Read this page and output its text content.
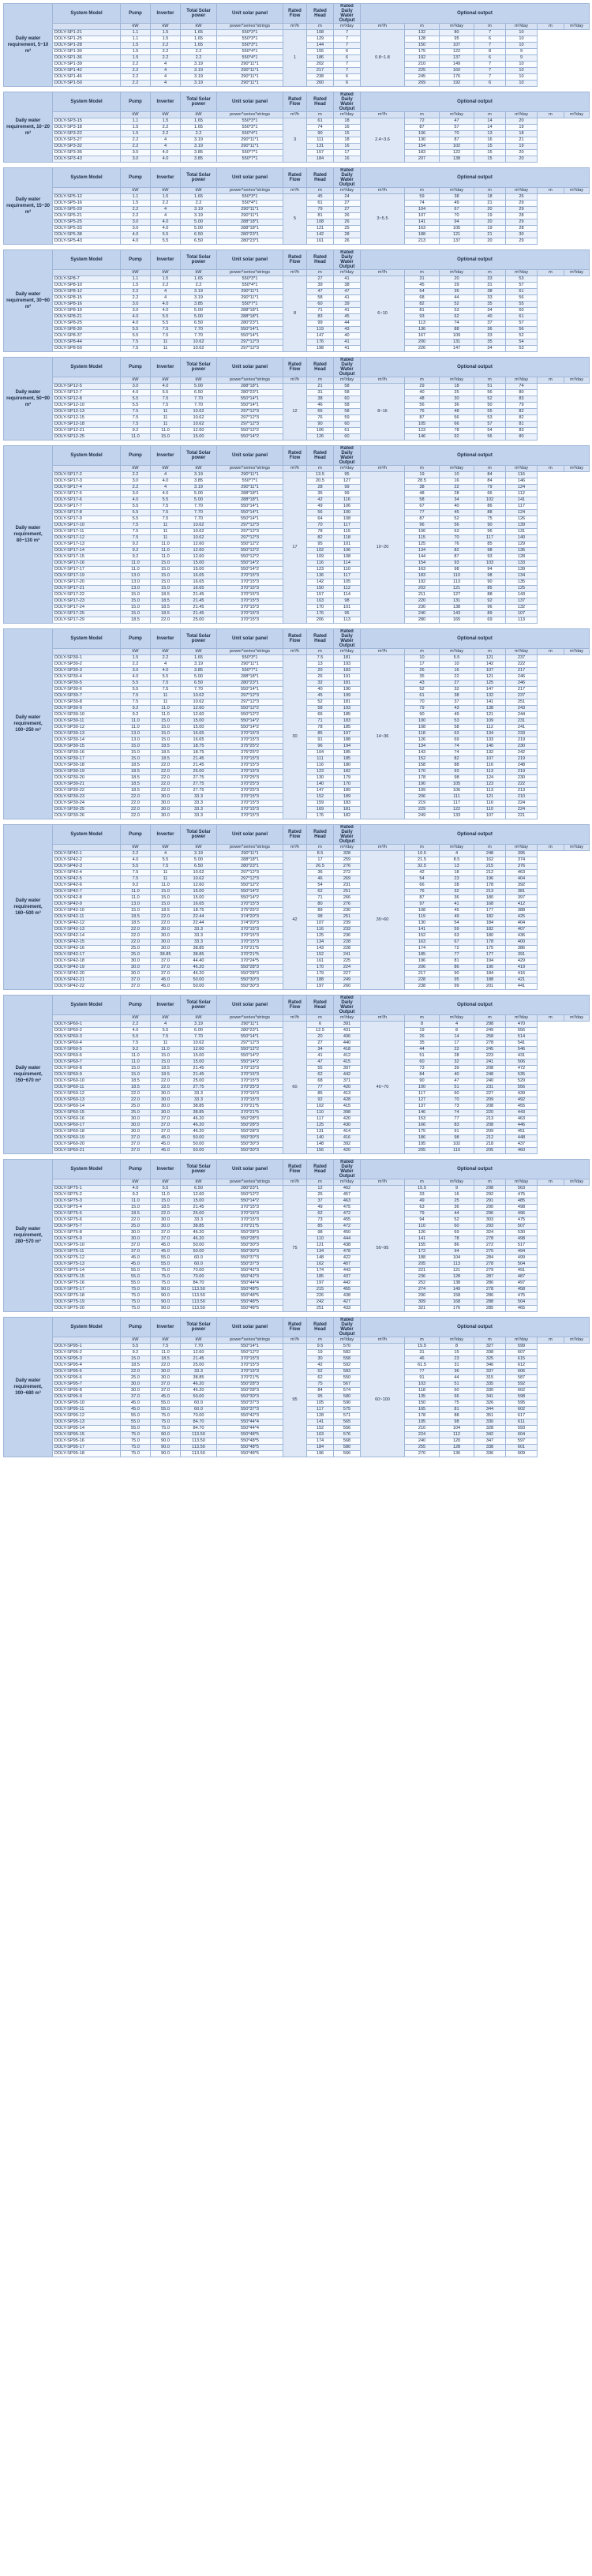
Daily water requirement, 5~10 m³	System Model	Pump	Inverter	Total Solar power	Unit solar panel	Rated Flow	Rated Head	Rated Daily Water Output	Optional output						
		kW	kW	kW	power*series*strings	m³/h	m	m³/day	m³/h	m	m³/day	m	m³/day	m	m³/day
	DOLY-SP1-21	1.1	1.5	1.65	550*3*1	1	108	7	0.8~1.8	132	80	7	10		
	DOLY-SP1-25	1.1	1.5	1.65	550*3*1		129	7		128	95	6	10		
	DOLY-SP1-28	1.5	2.2	1.65	550*3*1		144	7		150	107	7	10		
	DOLY-SP1-30	1.5	2.2	2.2	550*4*1		155	6		175	122	8	9		
	DOLY-SP1-36	1.5	2.2	2.2	550*4*1		186	6		192	137	6	9		
	DOLY-SP1-39	2.2	4	3.19	290*11*1		202	7		210	149	7	10		
	DOLY-SP1-42	2.2	4	3.19	290*11*1		217	7		225	160	7	10		
	DOLY-SP1-46	2.2	4	3.19	290*11*1		238	6		245	176	7	10		
	DOLY-SP1-50	2.2	4	3.19	290*11*1		260	6		269	192	6	10		
Daily water requirement, 10~20 m³	System Model	Pump	Inverter	Total Solar power	Unit solar panel	Rated Flow	Rated Head	Rated Daily Water Output	Optional output						
		kW	kW	kW	power*series*strings	m³/h	m	m³/day	m³/h	m	m³/day	m	m³/day	m	m³/day
	DOLY-SP3-15	1.1	1.5	1.65	550*3*1	3	61	18	2.4~3.6	72	47	14	20		
	DOLY-SP3-18	1.5	2.2	1.65	550*3*1		74	16		87	57	14	19		
	DOLY-SP3-22	1.5	2.2	2.2	550*4*1		90	15		106	70	13	18		
	DOLY-SP3-27	2.2	4	3.19	290*11*1		111	18		130	87	16	21		
	DOLY-SP3-32	2.2	4	3.19	290*11*1		131	16		154	102	15	19		
	DOLY-SP3-36	3.0	4.0	3.85	550*7*1		157	17		183	122	15	20		
	DOLY-SP3-43	3.0	4.0	3.85	550*7*1		184	16		207	138	15	20		
Daily water requirement, 15~30 m³	System Model	Pump	Inverter	Total Solar power	Unit solar panel	Rated Flow	Rated Head	Rated Daily Water Output	Optional output						
		kW	kW	kW	power*series*strings	m³/h	m	m³/day	m³/h	m	m³/day	m	m³/day	m	m³/day
	DOLY-SP5-12	1.1	1.5	1.65	550*3*1	5	45	24	3~5.5	59	38	18	26		
	DOLY-SP5-16	1.5	2.2	2.2	550*4*1		61	27		74	49	21	29		
	DOLY-SP5-20	2.2	4	3.19	290*11*1		79	27		104	67	20	29		
	DOLY-SP5-21	2.2	4	3.19	290*11*1		81	26		107	70	19	28		
	DOLY-SP5-25	3.0	4.0	5.00	288*18*1		108	26		141	94	20	29		
	DOLY-SP5-33	3.0	4.0	5.00	288*18*1		121	25		163	105	19	28		
	DOLY-SP5-38	4.0	5.5	6.50	280*23*1		142	28		188	121	21	30		
	DOLY-SP5-43	4.0	5.5	6.50	280*23*1		161	26		213	137	20	29		
Daily water requirement, 30~60 m³	System Model	Pump	Inverter	Total Solar power	Unit solar panel	Rated Flow	Rated Head	Rated Daily Water Output	Optional output						
		kW	kW	kW	power*series*strings	m³/h	m	m³/day	m³/h	m	m³/day	m	m³/day	m	m³/day
	DOLY-SP8-7	1.1	1.5	1.65	550*3*1	8	27	41	6~10	31	20	33	53		
	DOLY-SP8-10	1.5	2.2	2.2	550*4*1		39	38		45	29	31	57		
	DOLY-SP8-12	2.2	4	3.19	290*11*1		47	47		54	35	38	61		
	DOLY-SP8-15	2.2	4	3.19	290*11*1		58	41		68	44	33	56		
	DOLY-SP8-16	3.0	4.0	3.85	550*7*1		60	39		82	52	35	55		
	DOLY-SP8-19	3.0	4.0	5.00	288*18*1		71	41		81	53	34	60		
	DOLY-SP8-21	4.0	5.5	5.00	288*18*1		83	45		93	62	40	61		
	DOLY-SP8-25	4.0	5.5	6.50	280*23*1		99	44		113	74	37	57		
	DOLY-SP8-30	5.5	7.5	7.70	550*14*1		119	43		136	88	36	56		
	DOLY-SP8-37	5.5	7.5	7.70	550*14*1		147	40		167	109	33	52		
	DOLY-SP8-44	7.5	11	10.62	297*12*3		176	41		200	131	35	54		
	DOLY-SP8-50	7.5	11	10.62	297*12*3		198	41		226	147	34	53		
Daily water requirement, 50~90 m³	System Model	Pump	Inverter	Total Solar power	Unit solar panel	Rated Flow	Rated Head	Rated Daily Water Output	Optional output						
		kW	kW	kW	power*series*strings	m³/h	m	m³/day	m³/h	m	m³/day	m	m³/day	m	m³/day
	DOLY-SP12-5	3.0	4.0	5.00	288*18*1	12	21	58	8~16	29	18	51	74		
	DOLY-SP12-7	4.0	5.5	6.50	280*23*1		31	58		40	25	56	80		
	DOLY-SP12-8	5.5	7.5	7.70	550*14*1		38	60		48	30	52	83		
	DOLY-SP12-10	5.5	7.5	7.70	550*14*1		46	58		56	36	50	79		
	DOLY-SP12-13	7.5	11	10.62	297*12*3		66	58		76	48	55	82		
	DOLY-SP12-15	7.5	11	10.62	297*12*3		76	59		87	56	53	82		
	DOLY-SP12-18	7.5	11	10.62	297*12*3		90	60		105	66	57	81		
	DOLY-SP12-21	9.2	11.0	12.60	550*12*2		106	61		123	78	54	83		
	DOLY-SP12-25	11.0	15.0	15.00	550*14*2		126	60		146	92	56	80		
Daily water requirement, 80~130 m³	System Model	Pump	Inverter	Total Solar power	Unit solar panel	Rated Flow	Rated Head	Rated Daily Water Output	Optional output						
		kW	kW	kW	power*series*strings	m³/h	m	m³/day	m³/h	m	m³/day	m	m³/day	m	m³/day
	DOLY-SP17-2	2.2	4	3.19	290*11*1	17	13.5	95	10~20	19	10	84	116		
	DOLY-SP17-3	3.0	4.0	3.85	550*7*1		20.5	127		28.5	16	84	146		
	DOLY-SP17-4	2.2	4	3.19	290*11*1		28	99		38	22	79	124		
	DOLY-SP17-5	3.0	4.0	5.00	288*18*1		35	99		48	28	66	112		
	DOLY-SP17-6	4.0	5.5	5.00	288*18*1		42	116		58	34	102	141		
	DOLY-SP17-7	5.5	7.5	7.70	550*14*1		49	106		67	40	86	117		
	DOLY-SP17-8	5.5	7.5	7.70	550*14*1		56	100		77	45	88	124		
	DOLY-SP17-9	5.5	7.5	7.70	550*14*1		64	108		87	52	75	126		
	DOLY-SP17-10	7.5	11	10.62	297*12*3		70	117		96	56	90	139		
	DOLY-SP17-11	7.5	11	10.62	297*12*3		78	115		106	63	96	131		
	DOLY-SP17-12	7.5	11	10.62	297*12*3		82	118		115	70	117	140		
	DOLY-SP17-13	9.2	11.0	12.60	550*12*2		95	101		125	76	85	129		
	DOLY-SP17-14	9.2	11.0	12.60	550*12*2		102	106		134	82	98	136		
	DOLY-SP17-15	9.2	11.0	12.60	550*12*2		109	108		144	87	93	128		
	DOLY-SP17-16	11.0	15.0	15.00	550*14*2		116	114		154	93	103	133		
	DOLY-SP17-17	11.0	15.0	15.00	550*14*2		123	110		163	98	94	139		
	DOLY-SP17-19	13.0	15.0	16.65	370*15*3		136	117		183	110	98	134		
	DOLY-SP17-20	13.0	15.0	16.65	370*15*3		142	105		192	113	90	135		
	DOLY-SP17-21	13.0	15.0	16.65	370*15*3		150	112		202	121	85	125		
	DOLY-SP17-22	15.0	18.5	21.45	370*15*3		157	114		211	127	88	143		
	DOLY-SP17-23	15.0	18.5	21.45	370*15*3		163	98		220	131	92	137		
	DOLY-SP17-24	15.0	18.5	21.45	370*15*3		170	101		230	138	96	132		
	DOLY-SP17-25	15.0	18.5	21.45	370*15*3		176	95		240	143	89	107		
	DOLY-SP17-29	18.5	22.0	25.00	370*15*3		206	113		280	165	69	113		
Daily water requirement, 100~250 m³	System Model	Pump	Inverter	Total Solar power	Unit solar panel	Rated Flow	Rated Head	Rated Daily Water Output	Optional output						
		kW	kW	kW	power*series*strings	m³/h	m	m³/day	m³/h	m	m³/day	m	m³/day	m	m³/day
	DOLY-SP30-1	1.5	2.2	1.65	550*3*1	30	7.5	181	14~36	10	5.5	121	237		
	DOLY-SP30-2	2.2	4	3.19	290*11*1		13	193		17	10	142	222		
	DOLY-SP30-3	3.0	4.0	3.85	550*7*1		20	183		26	16	107	217		
	DOLY-SP30-4	4.0	5.5	5.00	288*18*1		26	191		35	22	121	246		
	DOLY-SP30-5	5.5	7.5	6.50	280*23*1		32	181		43	27	125	246		
	DOLY-SP30-6	5.5	7.5	7.70	550*14*1		40	190		52	32	147	217		
	DOLY-SP30-7	7.5	11	10.62	297*12*3		45	199		61	38	132	237		
	DOLY-SP30-8	7.5	11	10.62	297*12*3		52	181		70	37	141	251		
	DOLY-SP30-9	9.2	11.0	12.60	550*12*2		58	193		79	43	138	243		
	DOLY-SP30-10	9.2	11.0	12.60	550*12*2		66	185		90	49	121	244		
	DOLY-SP30-11	11.0	15.0	15.00	550*14*2		71	183		100	53	109	231		
	DOLY-SP30-12	11.0	15.0	15.00	550*14*2		78	185		108	58	112	241		
	DOLY-SP30-13	13.0	15.0	16.65	370*15*3		85	197		118	63	134	233		
	DOLY-SP30-14	13.0	15.0	16.65	370*15*3		91	188		126	69	133	219		
	DOLY-SP30-15	15.0	18.5	18.75	375*25*2		96	194		134	74	140	230		
	DOLY-SP30-16	15.0	18.5	18.75	375*25*2		104	185		143	74	132	242		
	DOLY-SP30-17	15.0	18.5	21.45	370*15*3		111	185		152	82	107	219		
	DOLY-SP30-18	18.5	22.0	21.45	370*15*3		116	180		158	88	116	248		
	DOLY-SP30-19	18.5	22.0	25.00	370*15*3		123	182		170	93	113	219		
	DOLY-SP30-20	18.5	22.0	27.75	370*25*3		130	179		178	98	124	230		
	DOLY-SP30-21	18.5	22.0	27.75	370*25*3		140	170		190	105	123	222		
	DOLY-SP30-22	18.5	22.0	27.75	370*25*3		147	189		199	106	113	213		
	DOLY-SP30-23	22.0	30.0	33.3	370*15*3		152	189		206	111	121	210		
	DOLY-SP30-24	22.0	30.0	33.3	370*15*3		159	183		219	117	116	224		
	DOLY-SP30-25	22.0	30.0	33.3	370*15*3		169	181		229	122	110	224		
	DOLY-SP30-26	22.0	30.0	33.3	370*15*3		176	182		249	133	107	221		
Daily water requirement, 160~500 m³	System Model	Pump	Inverter	Total Solar power	Unit solar panel	Rated Flow	Rated Head	Rated Daily Water Output	Optional output						
		kW	kW	kW	power*series*strings	m³/h	m	m³/day	m³/h	m	m³/day	m	m³/day	m	m³/day
	DOLY-SP42-1	2.2	4	3.19	290*11*1	42	8.5	328	30~60	10.5	4	248	395		
	DOLY-SP42-2	4.0	5.5	5.00	288*18*1		17	259		21.5	8.5	162	374		
	DOLY-SP42-3	5.5	7.5	6.50	280*23*1		26.5	276		32.5	13	215	376		
	DOLY-SP42-4	7.5	11	10.62	297*12*3		36	272		42	18	212	463		
	DOLY-SP42-5	7.5	11	10.62	297*12*3		46	269		54	23	196	404		
	DOLY-SP42-6	9.2	11.0	12.60	550*12*2		54	231		66	28	178	392		
	DOLY-SP42-7	11.0	15.0	15.00	550*14*2		62	251		76	32	213	381		
	DOLY-SP42-8	11.0	15.0	15.00	550*14*2		71	266		87	36	180	397		
	DOLY-SP42-9	13.0	15.0	16.65	370*15*3		80	276		97	41	168	412		
	DOLY-SP42-10	15.0	18.5	18.75	375*25*2		89	230		108	45	177	388		
	DOLY-SP42-11	18.5	22.0	22.44	374*20*3		98	251		119	49	182	425		
	DOLY-SP42-12	18.5	22.0	22.44	374*20*3		107	239		130	54	184	404		
	DOLY-SP42-13	22.0	30.0	33.3	370*15*3		116	233		141	59	182	407		
	DOLY-SP42-14	22.0	30.0	33.3	370*15*3		125	236		152	63	180	436		
	DOLY-SP42-15	22.0	30.0	33.3	370*15*3		134	228		163	67	178	400		
	DOLY-SP42-16	25.0	30.0	38.85	370*21*5		143	228		174	72	175	386		
	DOLY-SP42-17	25.0	38.85	38.85	370*21*5		152	241		185	77	177	391		
	DOLY-SP42-18	30.0	37.0	44.40	370*24*5		161	225		196	81	194	429		
	DOLY-SP42-19	30.0	37.0	46.20	550*28*3		170	224		206	86	190	419		
	DOLY-SP42-20	30.0	37.0	46.20	550*28*3		179	227		217	90	184	416		
	DOLY-SP42-21	37.0	45.0	50.00	550*30*3		188	249		228	95	188	421		
	DOLY-SP42-22	37.0	45.0	50.00	550*30*3		197	260		238	99	201	441		
Daily water requirement, 150~670 m³	System Model	Pump	Inverter	Total Solar power	Unit solar panel	Rated Flow	Rated Head	Rated Daily Water Output	Optional output						
		kW	kW	kW	power*series*strings	m³/h	m	m³/day	m³/h	m	m³/day	m	m³/day	m	m³/day
	DOLY-SP60-1	2.2	4	3.19	290*11*1	60	6	391	40~70	8	4	298	470		
	DOLY-SP60-2	4.0	5.5	6.00	280*23*1		12.5	431		19	8	249	556		
	DOLY-SP60-3	5.5	7.5	7.70	550*14*1		20	406		26	14	258	514		
	DOLY-SP60-4	7.5	11	10.62	297*12*3		27	440		35	17	278	541		
	DOLY-SP60-5	9.2	11.0	12.60	550*12*2		34	418		44	22	245	546		
	DOLY-SP60-6	11.0	15.0	15.00	550*14*2		41	412		51	28	223	431		
	DOLY-SP60-7	11.0	15.0	15.00	550*14*2		47	415		60	32	241	506		
	DOLY-SP60-8	15.0	18.5	21.45	370*15*3		55	397		73	39	208	472		
	DOLY-SP60-9	15.0	18.5	21.45	370*15*3		62	442		84	40	248	535		
	DOLY-SP60-10	18.5	22.0	25.00	370*15*3		68	371		90	47	240	529		
	DOLY-SP60-11	18.5	22.0	27.75	370*25*3		77	420		100	51	231	556		
	DOLY-SP60-12	22.0	30.0	33.3	370*15*3		85	413		117	60	227	439		
	DOLY-SP60-13	22.0	30.0	33.3	370*15*3		92	428		127	70	209	492		
	DOLY-SP60-14	25.0	30.0	38.85	370*21*5		102	415		137	73	208	455		
	DOLY-SP60-15	25.0	30.0	38.85	370*21*5		110	398		146	74	220	443		
	DOLY-SP60-16	30.0	37.0	46.20	550*28*3		117	420		153	77	213	463		
	DOLY-SP60-17	30.0	37.0	46.20	550*28*3		125	430		166	83	208	446		
	DOLY-SP60-18	30.0	37.0	46.20	550*28*3		131	414		175	91	209	451		
	DOLY-SP60-19	37.0	45.0	50.00	550*30*3		140	416		186	98	212	448		
	DOLY-SP60-20	37.0	45.0	50.00	550*30*3		148	392		195	102	218	437		
	DOLY-SP60-21	37.0	45.0	50.00	550*30*3		156	420		205	110	205	460		
Daily water requirement, 280~570 m³	System Model	Pump	Inverter	Total Solar power	Unit solar panel	Rated Flow	Rated Head	Rated Daily Water Output	Optional output						
		kW	kW	kW	power*series*strings	m³/h	m	m³/day	m³/h	m	m³/day	m	m³/day	m	m³/day
	DOLY-SP75-1	4.0	5.5	6.50	280*23*1	75	12	462	50~95	15.5	9	298	563		
	DOLY-SP75-2	9.2	11.0	12.60	550*12*2		25	457		33	16	292	475		
	DOLY-SP75-3	11.0	15.0	15.00	550*14*2		37	463		49	25	291	485		
	DOLY-SP75-4	15.0	18.5	21.45	370*15*3		49	475		63	36	290	498		
	DOLY-SP75-5	18.5	22.0	25.00	370*15*3		62	472		79	44	296	496		
	DOLY-SP75-6	22.0	30.0	33.3	370*15*3		73	455		94	52	303	475		
	DOLY-SP75-7	25.0	30.0	38.85	370*21*5		85	472		110	60	293	507		
	DOLY-SP75-8	30.0	37.0	46.20	550*28*3		98	450		126	69	324	530		
	DOLY-SP75-9	30.0	37.0	46.20	550*28*3		110	444		141	78	278	498		
	DOLY-SP75-10	37.0	45.0	50.00	550*30*3		121	438		155	86	272	517		
	DOLY-SP75-11	37.0	45.0	50.00	550*30*3		134	478		172	94	270	494		
	DOLY-SP75-12	45.0	55.0	60.0	550*37*3		148	422		188	104	284	499		
	DOLY-SP75-13	45.0	55.0	60.0	550*37*3		162	407		205	113	278	504		
	DOLY-SP75-14	55.0	75.0	70.00	550*42*3		174	443		221	121	279	491		
	DOLY-SP75-15	55.0	75.0	70.00	550*42*3		185	437		236	128	287	487		
	DOLY-SP75-16	55.0	75.0	84.70	550*44*4		197	442		252	138	286	497		
	DOLY-SP75-17	75.0	90.0	113.50	550*48*5		215	455		274	149	278	458		
	DOLY-SP75-18	75.0	90.0	113.50	550*48*5		226	438		290	158	286	475		
	DOLY-SP75-19	75.0	90.0	113.50	550*48*5		242	427		309	168	288	504		
	DOLY-SP75-20	75.0	90.0	113.50	550*48*5		251	433		321	176	285	465		
Daily water requirement, 300~680 m³	System Model	Pump	Inverter	Total Solar power	Unit solar panel	Rated Flow	Rated Head	Rated Daily Water Output	Optional output						
		kW	kW	kW	power*series*strings	m³/h	m	m³/day	m³/h	m	m³/day	m	m³/day	m	m³/day
	DOLY-SP95-1	5.5	7.5	7.70	550*14*1	95	9.5	570	60~100	15.5	8	327	599		
	DOLY-SP95-2	9.2	11.0	12.60	550*12*2		19	582		31	15	338	607		
	DOLY-SP95-3	15.0	18.5	21.45	370*15*3		30	558		46	23	325	615		
	DOLY-SP95-4	18.5	22.0	25.00	370*15*3		42	592		61.5	31	346	612		
	DOLY-SP95-5	22.0	30.0	33.3	370*15*3		52	583		77	36	337	606		
	DOLY-SP95-6	25.0	30.0	38.85	370*21*5		62	550		91	44	315	587		
	DOLY-SP95-7	30.0	37.0	46.20	550*28*3		75	567		103	51	335	592		
	DOLY-SP95-8	30.0	37.0	46.20	550*28*3		84	574		118	60	330	602		
	DOLY-SP95-9	37.0	45.0	50.00	550*30*3		95	580		135	66	341	598		
	DOLY-SP95-10	45.0	55.0	60.0	550*37*3		105	590		150	75	326	595		
	DOLY-SP95-11	45.0	55.0	60.0	550*37*3		117	575		165	81	344	602		
	DOLY-SP95-12	55.0	75.0	70.00	550*42*3		128	571		178	88	351	617		
	DOLY-SP95-13	55.0	75.0	84.70	550*44*4		141	565		195	98	330	611		
	DOLY-SP95-14	55.0	75.0	84.70	550*44*4		152	556		210	104	328	593		
	DOLY-SP95-15	75.0	90.0	113.50	550*48*5		163	576		224	112	342	604		
	DOLY-SP95-16	75.0	90.0	113.50	550*48*5		174	568		240	120	347	597		
	DOLY-SP95-17	75.0	90.0	113.50	550*48*5		184	580		255	128	338	601		
	DOLY-SP95-18	75.0	90.0	113.50	550*48*5		196	566		270	136	336	609		
